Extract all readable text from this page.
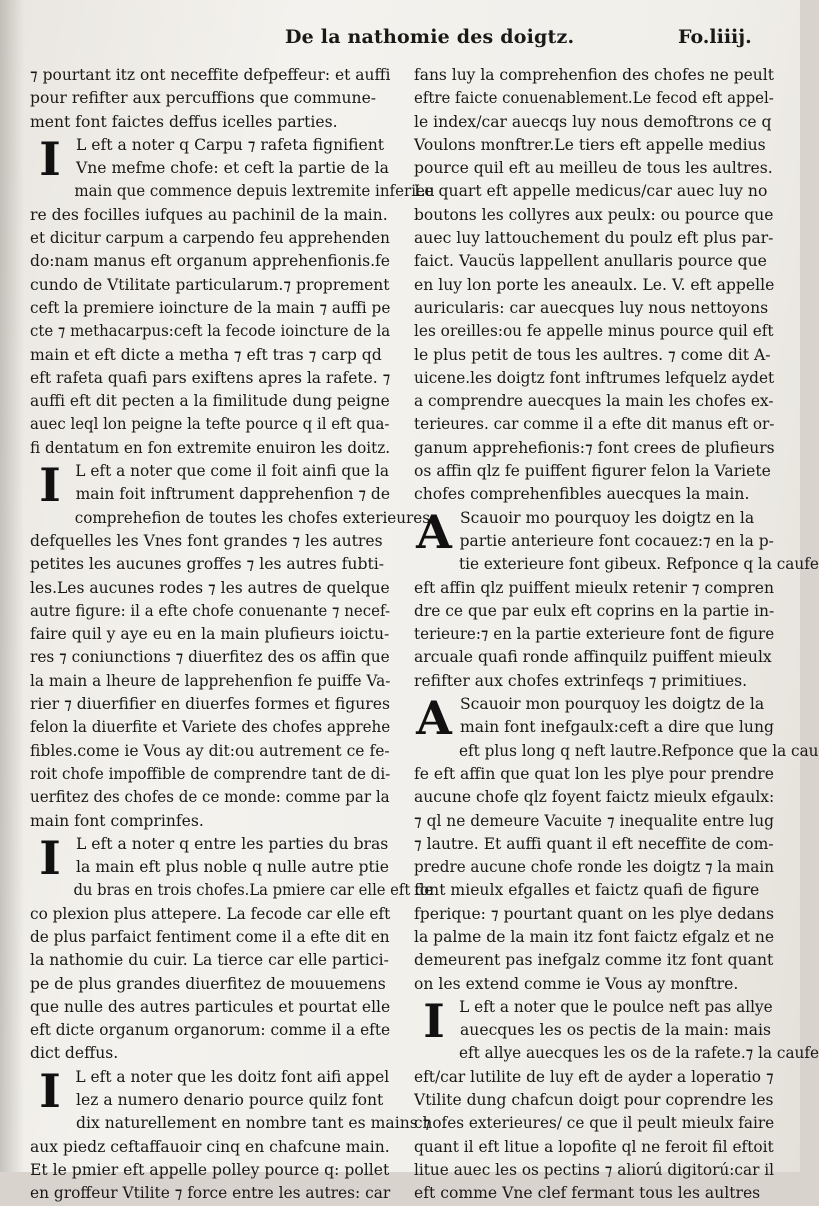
De la nathomie des doigtz.	Fo.liiij.
⁊ pourtant itz ont neceffite defpeffeur: et auffi
pour refifter aux percuffions que commune-
ment font faictes deffus icelles parties.
I L eft a noter q Carpu ⁊ rafeta fignifient
Vne mefme chofe: et ceft la partie de la
main que commence depuis lextremite inferieu
re des focilles iufques au pachinil de la main.
et dicitur carpum a carpendo feu apprehenden
do:nam manus eft organum apprehenfionis.fe
cundo de Vtilitate particularum.⁊ proprement
ceft la premiere ioincture de la main ⁊ auffi pe
cte ⁊ methacarpus:ceft la fecode ioincture de la
main et eft dicte a metha ⁊ eft tras ⁊ carp qd
eft rafeta quafi pars exiftens apres la rafete. ⁊
auffi eft dit pecten a la fimilitude dung peigne
auec leql lon peigne la tefte pource q il eft qua-
fi dentatum en fon extremite enuiron les doitz.
I L eft a noter que come il foit ainfi que la
main foit inftrument dapprehenfion ⁊ de
comprehefion de toutes les chofes exterieures:
defquelles les Vnes font grandes ⁊ les autres
petites les aucunes groffes ⁊ les autres fubti-
les.Les aucunes rodes ⁊ les autres de quelque
autre figure: il a efte chofe conuenante ⁊ necef-
faire quil y aye eu en la main plufieurs ioictu-
res ⁊ coniunctions ⁊ diuerfitez des os affin que
la main a lheure de lapprehenfion fe puiffe Va-
rier ⁊ diuerfifier en diuerfes formes et figures
felon la diuerfite et Variete des chofes apprehe
fibles.come ie Vous ay dit:ou autrement ce fe-
roit chofe impoffible de comprendre tant de di-
uerfitez des chofes de ce monde: comme par la
main font comprinfes.
I L eft a noter q entre les parties du bras
la main eft plus noble q nulle autre ptie
du bras en trois chofes.La pmiere car elle eft de
co plexion plus attepere. La fecode car elle eft
de plus parfaict fentiment come il a efte dit en
la nathomie du cuir. La tierce car elle partici-
pe de plus grandes diuerfitez de mouuemens
que nulle des autres particules et pourtat elle
eft dicte organum organorum: comme il a efte
dict deffus.
I L eft a noter que les doitz font aifi appel
lez a numero denario pource quilz font
dix naturellement en nombre tant es mains ⁊
aux piedz ceftaffauoir cinq en chafcune main.
Et le pmier eft appelle polley pource q: pollet
en groffeur Vtilite ⁊ force entre les autres: car
fans luy la comprehenfion des chofes ne peult
eftre faicte conuenablement.Le fecod eft appel-
le index/car auecqs luy nous demoftrons ce q
Voulons monftrer.Le tiers eft appelle medius
pource quil eft au meilleu de tous les aultres.
Le quart eft appelle medicus/car auec luy no
boutons les collyres aux peulx: ou pource que
auec luy lattouchement du poulz eft plus par-
faict. Vaucüs lappellent anullaris pource que
en luy lon porte les aneaulx. Le. V. eft appelle
auricularis: car auecques luy nous nettoyons
les oreilles:ou fe appelle minus pource quil eft
le plus petit de tous les aultres. ⁊ come dit A-
uicene.les doigtz font inftrumes lefquelz aydet
a comprendre auecques la main les chofes ex-
terieures. car comme il a efte dit manus eft or-
ganum apprehefionis:⁊ font crees de plufieurs
os affin qlz fe puiffent figurer felon la Variete
chofes comprehenfibles auecques la main.
A Scauoir mo pourquoy les doigtz en la
partie anterieure font cocauez:⁊ en la p-
tie exterieure font gibeux. Refponce q la caufe
eft affin qlz puiffent mieulx retenir ⁊ compren
dre ce que par eulx eft coprins en la partie in-
terieure:⁊ en la partie exterieure font de figure
arcuale quafi ronde affinquilz puiffent mieulx
refifter aux chofes extrinfeqs ⁊ primitiues.
A Scauoir mon pourquoy les doigtz de la
main font inefgaulx:ceft a dire que lung
eft plus long q neft lautre.Refponce que la cau
fe eft affin que quat lon les plye pour prendre
aucune chofe qlz foyent faictz mieulx efgaulx:
⁊ ql ne demeure Vacuite ⁊ inequalite entre lug
⁊ lautre. Et auffi quant il eft neceffite de com-
predre aucune chofe ronde les doigtz ⁊ la main
font mieulx efgalles et faictz quafi de figure
fperique: ⁊ pourtant quant on les plye dedans
la palme de la main itz font faictz efgalz et ne
demeurent pas inefgalz comme itz font quant
on les extend comme ie Vous ay monftre.
I L eft a noter que le poulce neft pas allye
auecques les os pectis de la main: mais
eft allye auecques les os de la rafete.⁊ la caufe
eft/car lutilite de luy eft de ayder a loperatio ⁊
Vtilite dung chafcun doigt pour coprendre les
chofes exterieures/ ce que il peult mieulx faire
quant il eft litue a lopofite ql ne feroit fil eftoit
litue auec les os pectins ⁊ aliorú digitorú:car il
eft comme Vne clef fermant tous les aultres
